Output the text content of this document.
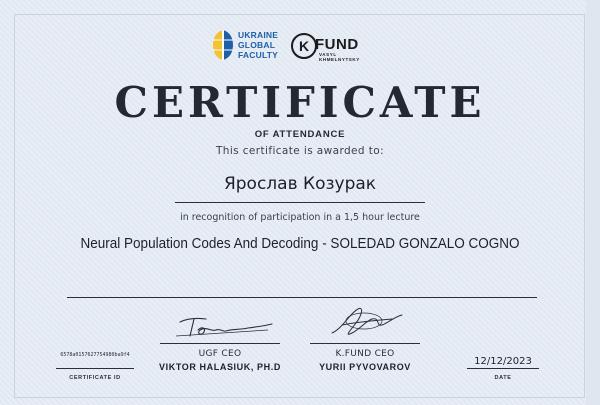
UKRAINE
GLOBAL
FACULTY
K FUND
VASYL KHMELNYTSKY
CERTIFICATE
OF ATTENDANCE
This certificate is awarded to:
Ярослав Козурак
in recognition of participation in a 1,5 hour lecture
Neural Population Codes And Decoding - SOLEDAD GONZALO COGNO
UGF CEO
VIKTOR HALASIUK, PH.D
K.FUND CEO
YURII PYVOVAROV
6578a0157627754980ba9f4
CERTIFICATE ID
12/12/2023
DATE
